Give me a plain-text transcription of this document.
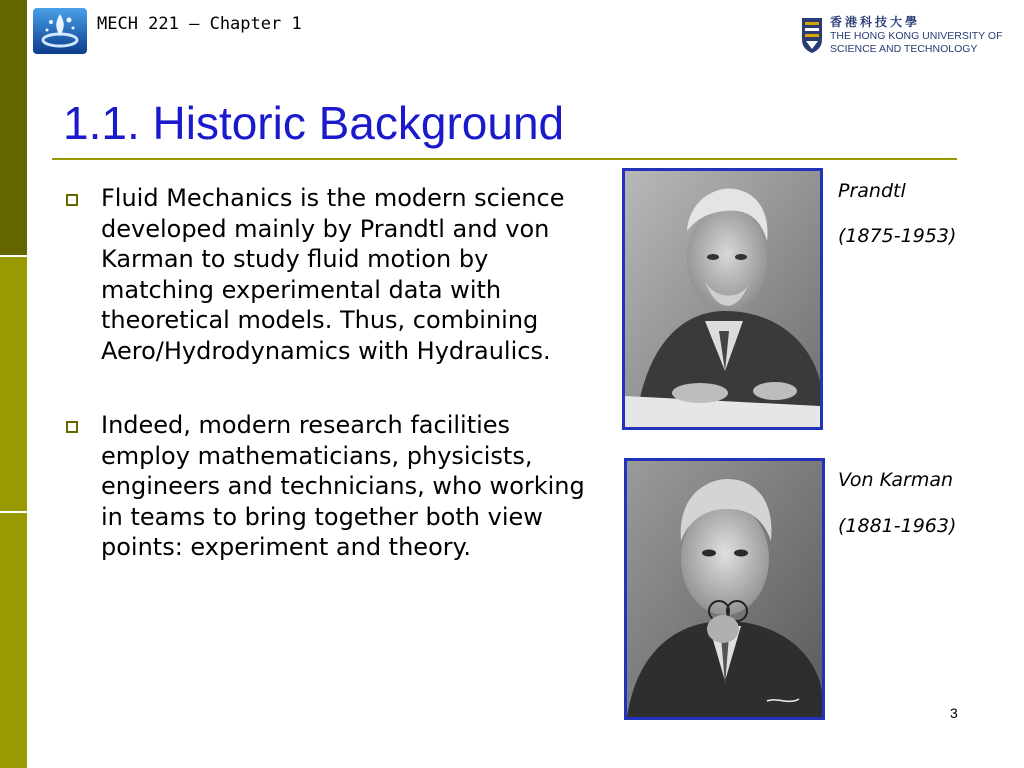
MECH 221 – Chapter 1	香港科技大學
THE HONG KONG UNIVERSITY OF
SCIENCE AND TECHNOLOGY
1.1. Historic Background
Fluid Mechanics is the modern science developed mainly by Prandtl and von Karman to study fluid motion by matching experimental data with theoretical models. Thus, combining Aero/Hydrodynamics with Hydraulics.
Indeed, modern research facilities employ mathematicians, physicists, engineers and technicians, who working in teams to bring together both view points: experiment and theory.
Prandtl
(1875-1953)
Von Karman
(1881-1963)
3
